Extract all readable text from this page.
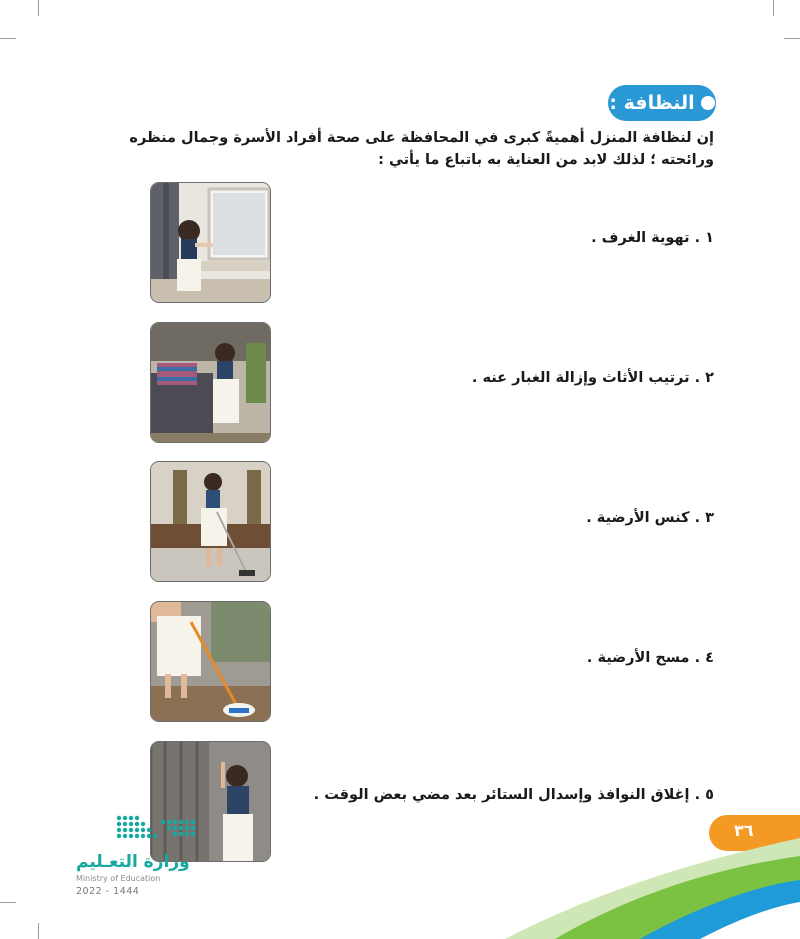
النظافة :
إن لنظافة المنزل أهميةً كبرى في المحافظة على صحة أفراد الأسرة وجمال منظره ورائحته ؛ لذلك لابد من العناية به باتباع ما يأتي :
١ . تهوية الغرف .
٢ . ترتيب الأثاث وإزالة الغبار عنه .
٣ . كنس الأرضية .
٤ . مسح الأرضية .
٥ . إغلاق النوافذ وإسدال الستائر بعد مضي بعض الوقت .
٣٦
وزارة التعـليم
Ministry of Education
2022 - 1444
